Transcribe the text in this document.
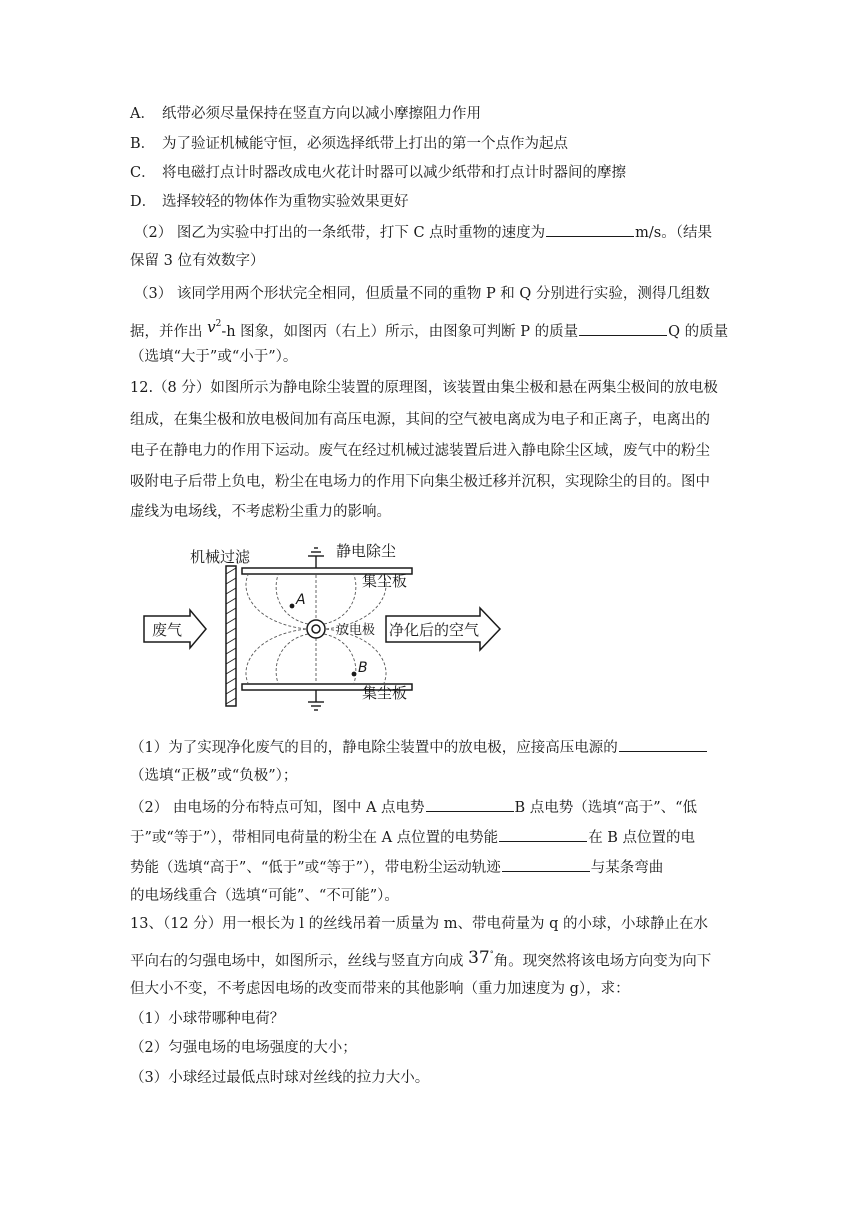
A． 纸带必须尽量保持在竖直方向以减小摩擦阻力作用
B． 为了验证机械能守恒，必须选择纸带上打出的第一个点作为起点
C． 将电磁打点计时器改成电火花计时器可以减少纸带和打点计时器间的摩擦
D． 选择较轻的物体作为重物实验效果更好
（2） 图乙为实验中打出的一条纸带，打下 C 点时重物的速度为	m/s。（结果
保留 3 位有效数字）
（3） 该同学用两个形状完全相同，但质量不同的重物 P 和 Q 分别进行实验，测得几组数
据，并作出 $v^2-h$ 图象，如图丙（右上）所示，由图象可判断 P 的质量	Q 的质量
（选填“大于”或“小于”）。
12.（8 分）如图所示为静电除尘装置的原理图，该装置由集尘极和悬在两集尘极间的放电极
组成，在集尘极和放电极间加有高压电源，其间的空气被电离成为电子和正离子，电离出的
电子在静电力的作用下运动。废气在经过机械过滤装置后进入静电除尘区域，废气中的粉尘
吸附电子后带上负电，粉尘在电场力的作用下向集尘极迁移并沉积，实现除尘的目的。图中
虚线为电场线，不考虑粉尘重力的影响。
A
B
废气	净化后的空气
机械过滤	静电除尘
集尘板
放电极
集尘板
（1）为了实现净化废气的目的，静电除尘装置中的放电极，应接高压电源的
（选填“正极”或“负极”）；
（2） 由电场的分布特点可知，图中 A 点电势	B 点电势（选填“高于”、“低
于”或“等于”），带相同电荷量的粉尘在 A 点位置的电势能	在 B 点位置的电
势能（选填“高于”、“低于”或“等于”），带电粉尘运动轨迹	与某条弯曲
的电场线重合（选填“可能”、“不可能”）。
13、（12 分）用一根长为 l 的丝线吊着一质量为 m、带电荷量为 q 的小球，小球静止在水
平向右的匀强电场中，如图所示，丝线与竖直方向成 37°角。现突然将该电场方向变为向下
但大小不变，不考虑因电场的改变而带来的其他影响（重力加速度为 g），求：
（1）小球带哪种电荷？
（2）匀强电场的电场强度的大小；
（3）小球经过最低点时球对丝线的拉力大小。
